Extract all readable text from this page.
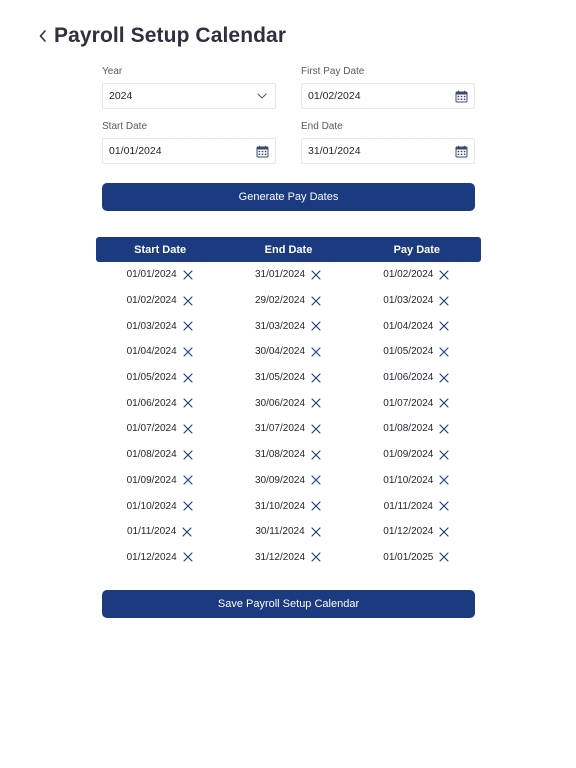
Payroll Setup Calendar
Year
2024
First Pay Date
01/02/2024
Start Date
01/01/2024
End Date
31/01/2024
Generate Pay Dates
Start Date	End Date	Pay Date
01/01/2024	31/01/2024	01/02/2024
01/02/2024	29/02/2024	01/03/2024
01/03/2024	31/03/2024	01/04/2024
01/04/2024	30/04/2024	01/05/2024
01/05/2024	31/05/2024	01/06/2024
01/06/2024	30/06/2024	01/07/2024
01/07/2024	31/07/2024	01/08/2024
01/08/2024	31/08/2024	01/09/2024
01/09/2024	30/09/2024	01/10/2024
01/10/2024	31/10/2024	01/11/2024
01/11/2024	30/11/2024	01/12/2024
01/12/2024	31/12/2024	01/01/2025
Save Payroll Setup Calendar
